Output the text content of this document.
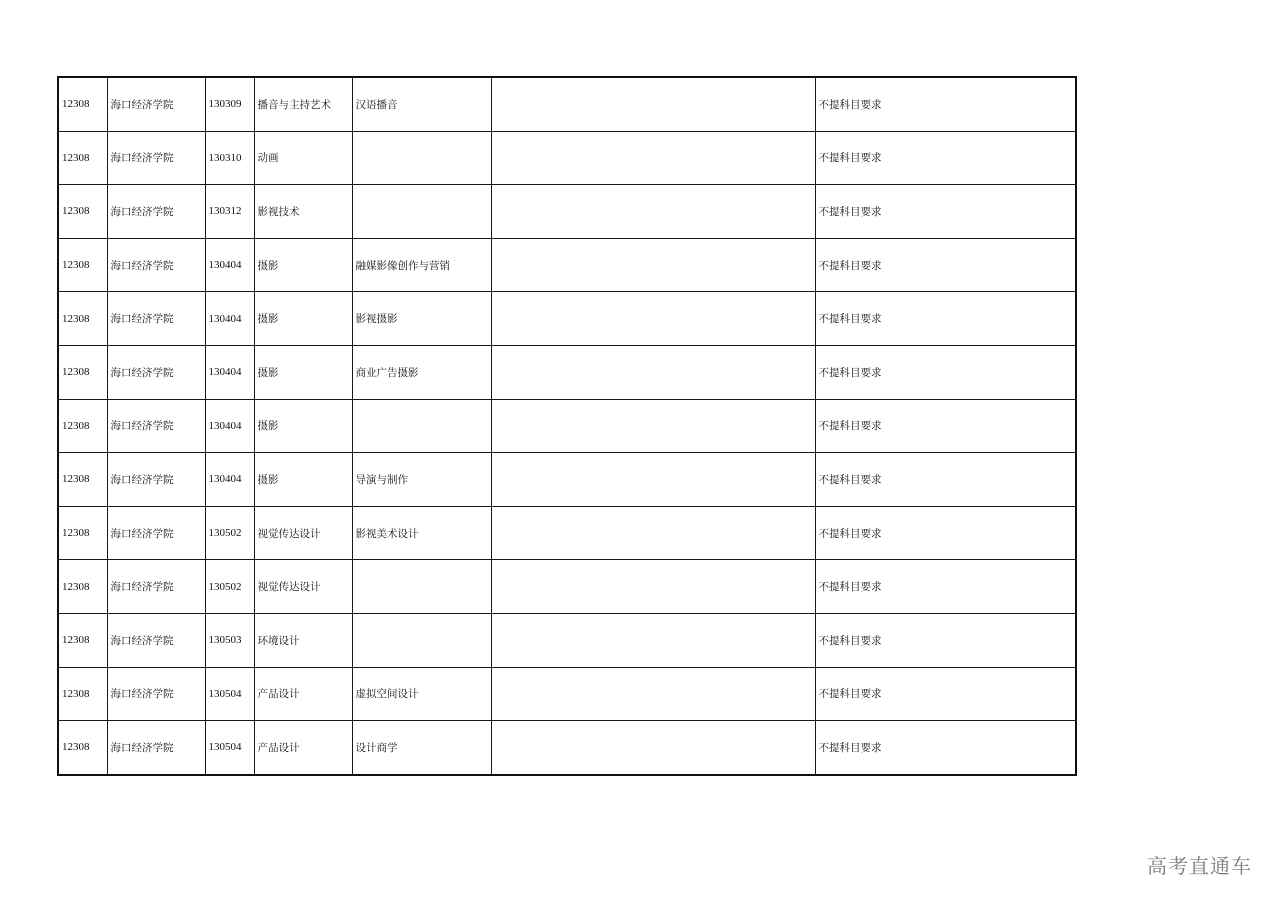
12308	海口经济学院	130309	播音与主持艺术	汉语播音		不提科目要求
12308	海口经济学院	130310	动画			不提科目要求
12308	海口经济学院	130312	影视技术			不提科目要求
12308	海口经济学院	130404	摄影	融媒影像创作与营销		不提科目要求
12308	海口经济学院	130404	摄影	影视摄影		不提科目要求
12308	海口经济学院	130404	摄影	商业广告摄影		不提科目要求
12308	海口经济学院	130404	摄影			不提科目要求
12308	海口经济学院	130404	摄影	导演与制作		不提科目要求
12308	海口经济学院	130502	视觉传达设计	影视美术设计		不提科目要求
12308	海口经济学院	130502	视觉传达设计			不提科目要求
12308	海口经济学院	130503	环境设计			不提科目要求
12308	海口经济学院	130504	产品设计	虚拟空间设计		不提科目要求
12308	海口经济学院	130504	产品设计	设计商学		不提科目要求
高考直通车
